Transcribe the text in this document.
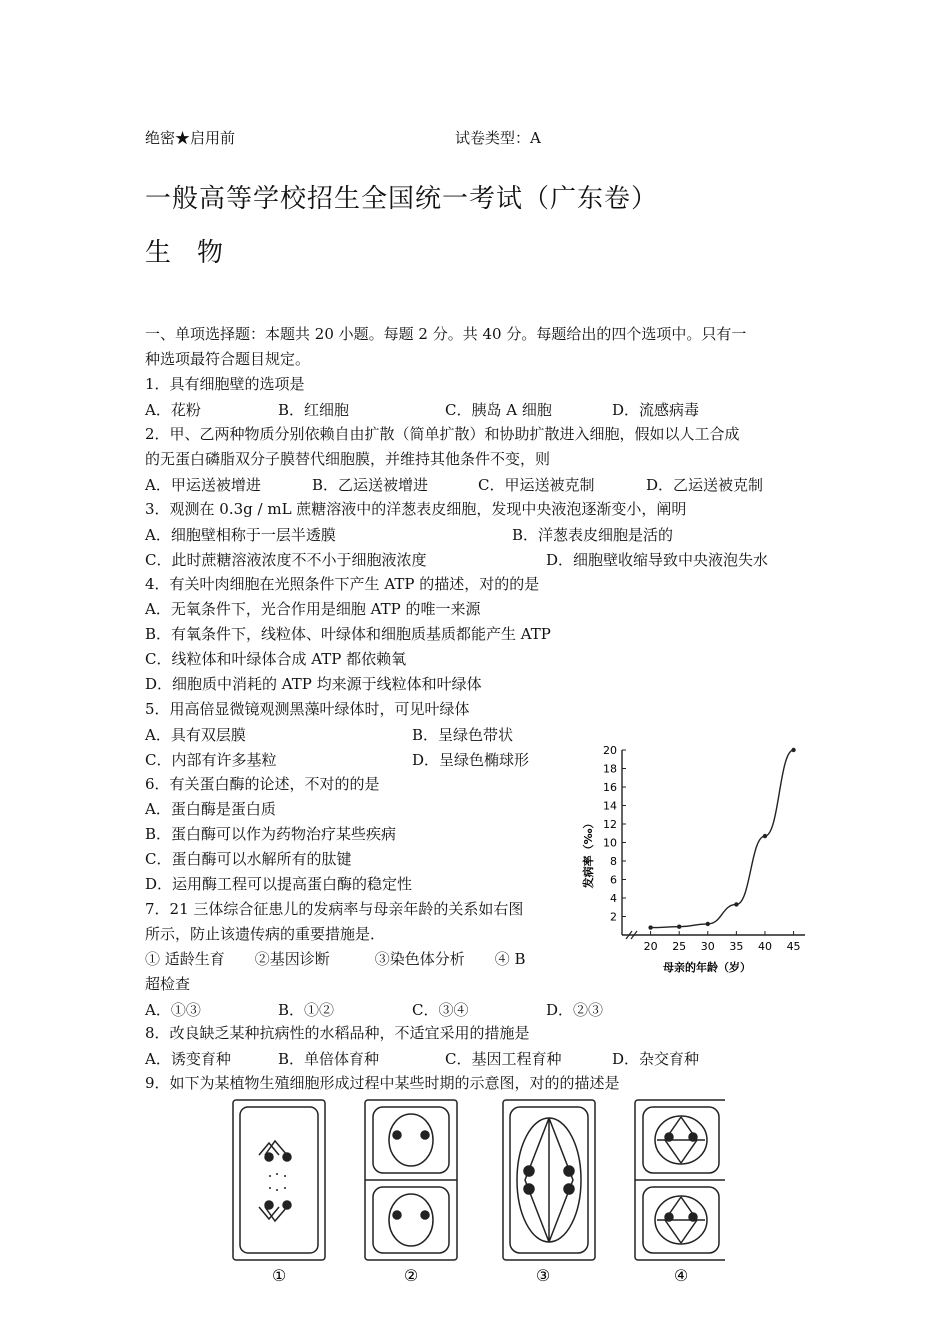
绝密★启用前	试卷类型：A
一般高等学校招生全国统一考试（广东卷）
生　物
一、单项选择题：本题共 20 小题。每题 2 分。共 40 分。每题给出的四个选项中。只有一
种选项最符合题目规定。
1．具有细胞壁的选项是
A．花粉	B．红细胞	C．胰岛 A 细胞	D．流感病毒
2．甲、乙两种物质分别依赖自由扩散（简单扩散）和协助扩散进入细胞，假如以人工合成
的无蛋白磷脂双分子膜替代细胞膜，并维持其他条件不变，则
A．甲运送被增进	B．乙运送被增进	C．甲运送被克制	D．乙运送被克制
3．观测在 0.3g / mL 蔗糖溶液中的洋葱表皮细胞，发现中央液泡逐渐变小，阐明
A．细胞壁相称于一层半透膜	B．洋葱表皮细胞是活的
C．此时蔗糖溶液浓度不不小于细胞液浓度	D．细胞壁收缩导致中央液泡失水
4．有关叶肉细胞在光照条件下产生 ATP 的描述，对的的是
A．无氧条件下，光合作用是细胞 ATP 的唯一来源
B．有氧条件下，线粒体、叶绿体和细胞质基质都能产生 ATP
C．线粒体和叶绿体合成 ATP 都依赖氧
D．细胞质中消耗的 ATP 均来源于线粒体和叶绿体
5．用高倍显微镜观测黑藻叶绿体时，可见叶绿体
A．具有双层膜	B．呈绿色带状
C．内部有许多基粒	D．呈绿色椭球形
6．有关蛋白酶的论述，不对的的是
A．蛋白酶是蛋白质
B．蛋白酶可以作为药物治疗某些疾病
C．蛋白酶可以水解所有的肽键
D．运用酶工程可以提高蛋白酶的稳定性
7．21 三体综合征患儿的发病率与母亲年龄的关系如右图
所示，防止该遗传病的重要措施是．
① 适龄生育　　②基因诊断　　　③染色体分析　　④ B
超检查
A．①③	B．①②	C．③④	D．②③
8．改良缺乏某种抗病性的水稻品种，不适宜采用的措施是
A．诱变育种	B．单倍体育种	C．基因工程育种	D．杂交育种
9．如下为某植物生殖细胞形成过程中某些时期的示意图，对的的描述是
发病率（‰）
母亲的年龄（岁）
2
4
6
8
10
12
14
16
18
20
20 25 30 35 40 45
①	②	③	④
